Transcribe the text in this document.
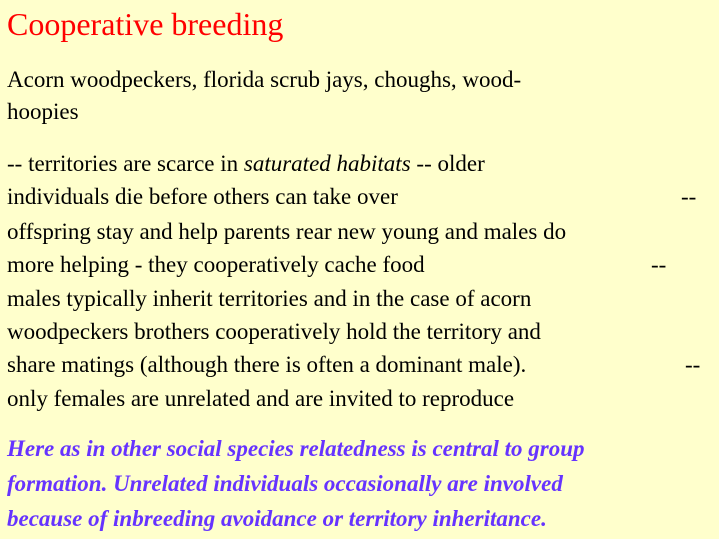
Cooperative breeding
Acorn woodpeckers, florida scrub jays, choughs, wood-
hoopies
-- territories are scarce in saturated habitats -- older
individuals die before others can take over	--
offspring stay and help parents rear new young and males do
more helping - they cooperatively cache food	--
males typically inherit territories and in the case of acorn
woodpeckers brothers cooperatively hold the territory and
share matings (although there is often a dominant male).	--
only females are unrelated and are invited to reproduce
Here as in other social species relatedness is central to group
formation. Unrelated individuals occasionally are involved
because of inbreeding avoidance or territory inheritance.
